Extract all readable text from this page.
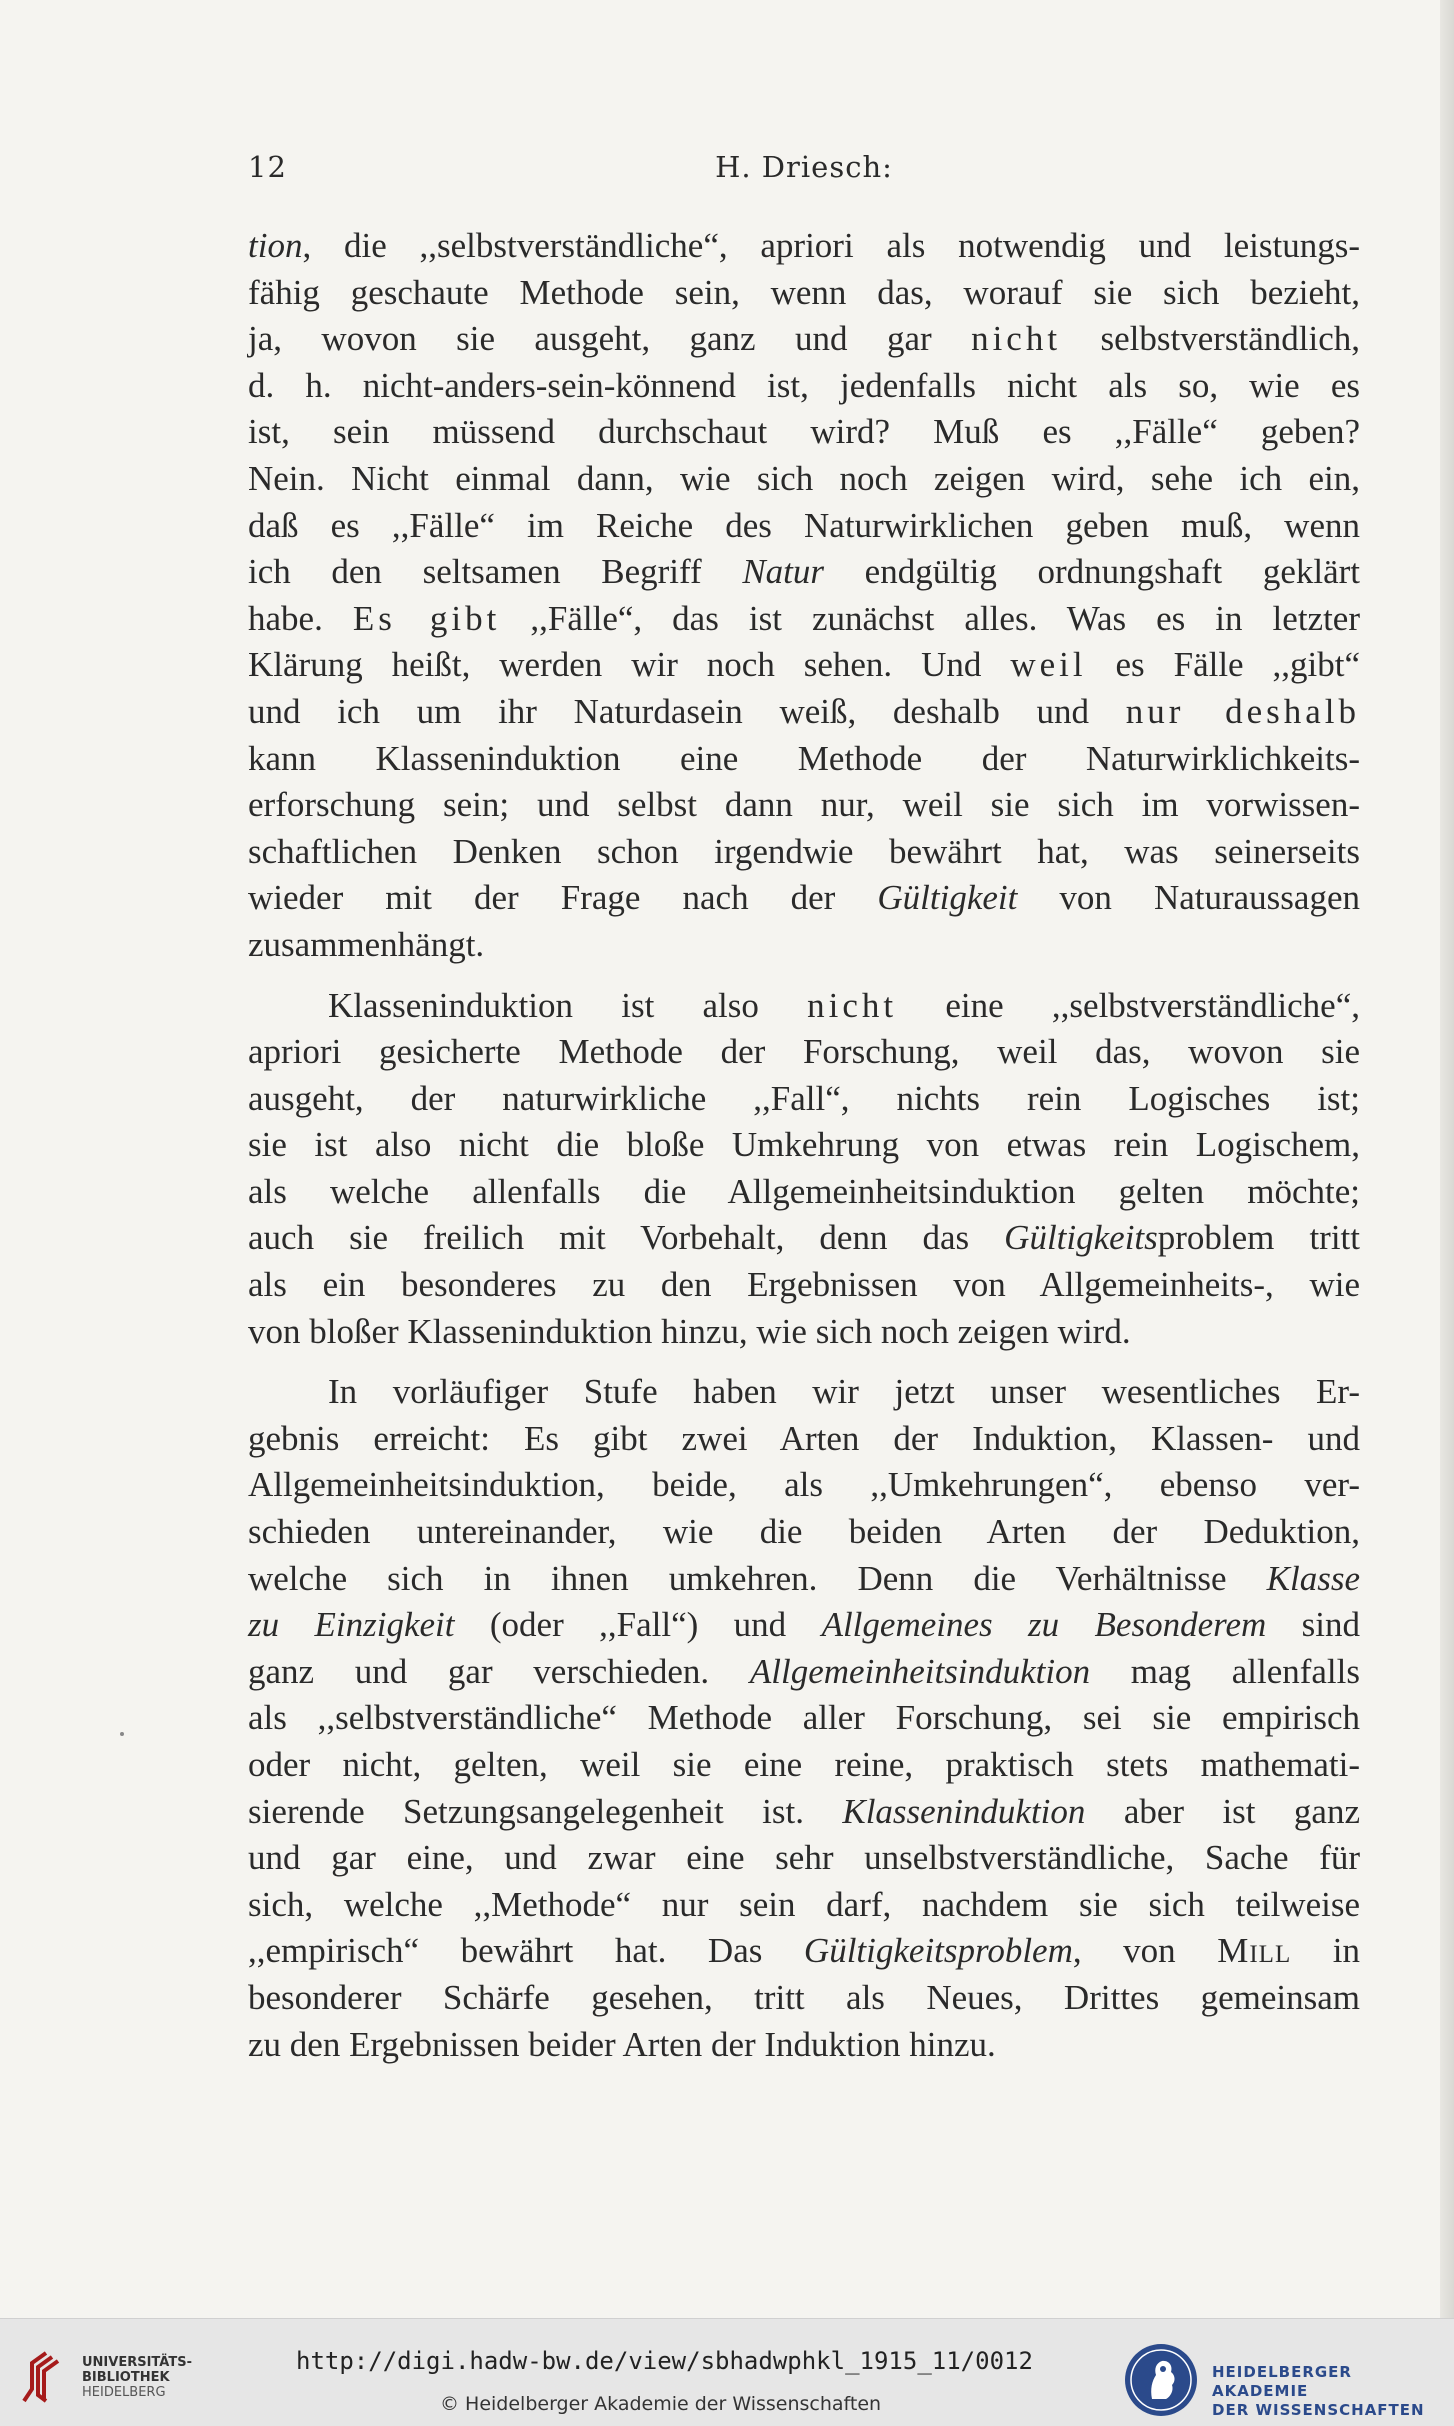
12	H. Driesch:
tion, die ,,selbstverständliche“, apriori als notwendig und leistungs-
fähig geschaute Methode sein, wenn das, worauf sie sich bezieht,
ja, wovon sie ausgeht, ganz und gar nicht selbstverständlich,
d. h. nicht-anders-sein-könnend ist, jedenfalls nicht als so, wie es
ist, sein müssend durchschaut wird? Muß es ,,Fälle“ geben?
Nein. Nicht einmal dann, wie sich noch zeigen wird, sehe ich ein,
daß es ,,Fälle“ im Reiche des Naturwirklichen geben muß, wenn
ich den seltsamen Begriff Natur endgültig ordnungshaft geklärt
habe. Es gibt ,,Fälle“, das ist zunächst alles. Was es in letzter
Klärung heißt, werden wir noch sehen. Und weil es Fälle ,,gibt“
und ich um ihr Naturdasein weiß, deshalb und nur deshalb
kann Klasseninduktion eine Methode der Naturwirklichkeits-
erforschung sein; und selbst dann nur, weil sie sich im vorwissen-
schaftlichen Denken schon irgendwie bewährt hat, was seinerseits
wieder mit der Frage nach der Gültigkeit von Naturaussagen
zusammenhängt.
Klasseninduktion ist also nicht eine ,,selbstverständliche“,
apriori gesicherte Methode der Forschung, weil das, wovon sie
ausgeht, der naturwirkliche ,,Fall“, nichts rein Logisches ist;
sie ist also nicht die bloße Umkehrung von etwas rein Logischem,
als welche allenfalls die Allgemeinheitsinduktion gelten möchte;
auch sie freilich mit Vorbehalt, denn das Gültigkeitsproblem tritt
als ein besonderes zu den Ergebnissen von Allgemeinheits-, wie
von bloßer Klasseninduktion hinzu, wie sich noch zeigen wird.
In vorläufiger Stufe haben wir jetzt unser wesentliches Er-
gebnis erreicht: Es gibt zwei Arten der Induktion, Klassen- und
Allgemeinheitsinduktion, beide, als ,,Umkehrungen“, ebenso ver-
schieden untereinander, wie die beiden Arten der Deduktion,
welche sich in ihnen umkehren. Denn die Verhältnisse Klasse
zu Einzigkeit (oder ,,Fall“) und Allgemeines zu Besonderem sind
ganz und gar verschieden. Allgemeinheitsinduktion mag allenfalls
als ,,selbstverständliche“ Methode aller Forschung, sei sie empirisch
oder nicht, gelten, weil sie eine reine, praktisch stets mathemati-
sierende Setzungsangelegenheit ist. Klasseninduktion aber ist ganz
und gar eine, und zwar eine sehr unselbstverständliche, Sache für
sich, welche ,,Methode“ nur sein darf, nachdem sie sich teilweise
,,empirisch“ bewährt hat. Das Gültigkeitsproblem, von Mill in
besonderer Schärfe gesehen, tritt als Neues, Drittes gemeinsam
zu den Ergebnissen beider Arten der Induktion hinzu.
UNIVERSITÄTS-
BIBLIOTHEK
HEIDELBERG
http://digi.hadw-bw.de/view/sbhadwphkl_1915_11/0012
© Heidelberger Akademie der Wissenschaften
HEIDELBERGER AKADEMIE
DER WISSENSCHAFTEN
